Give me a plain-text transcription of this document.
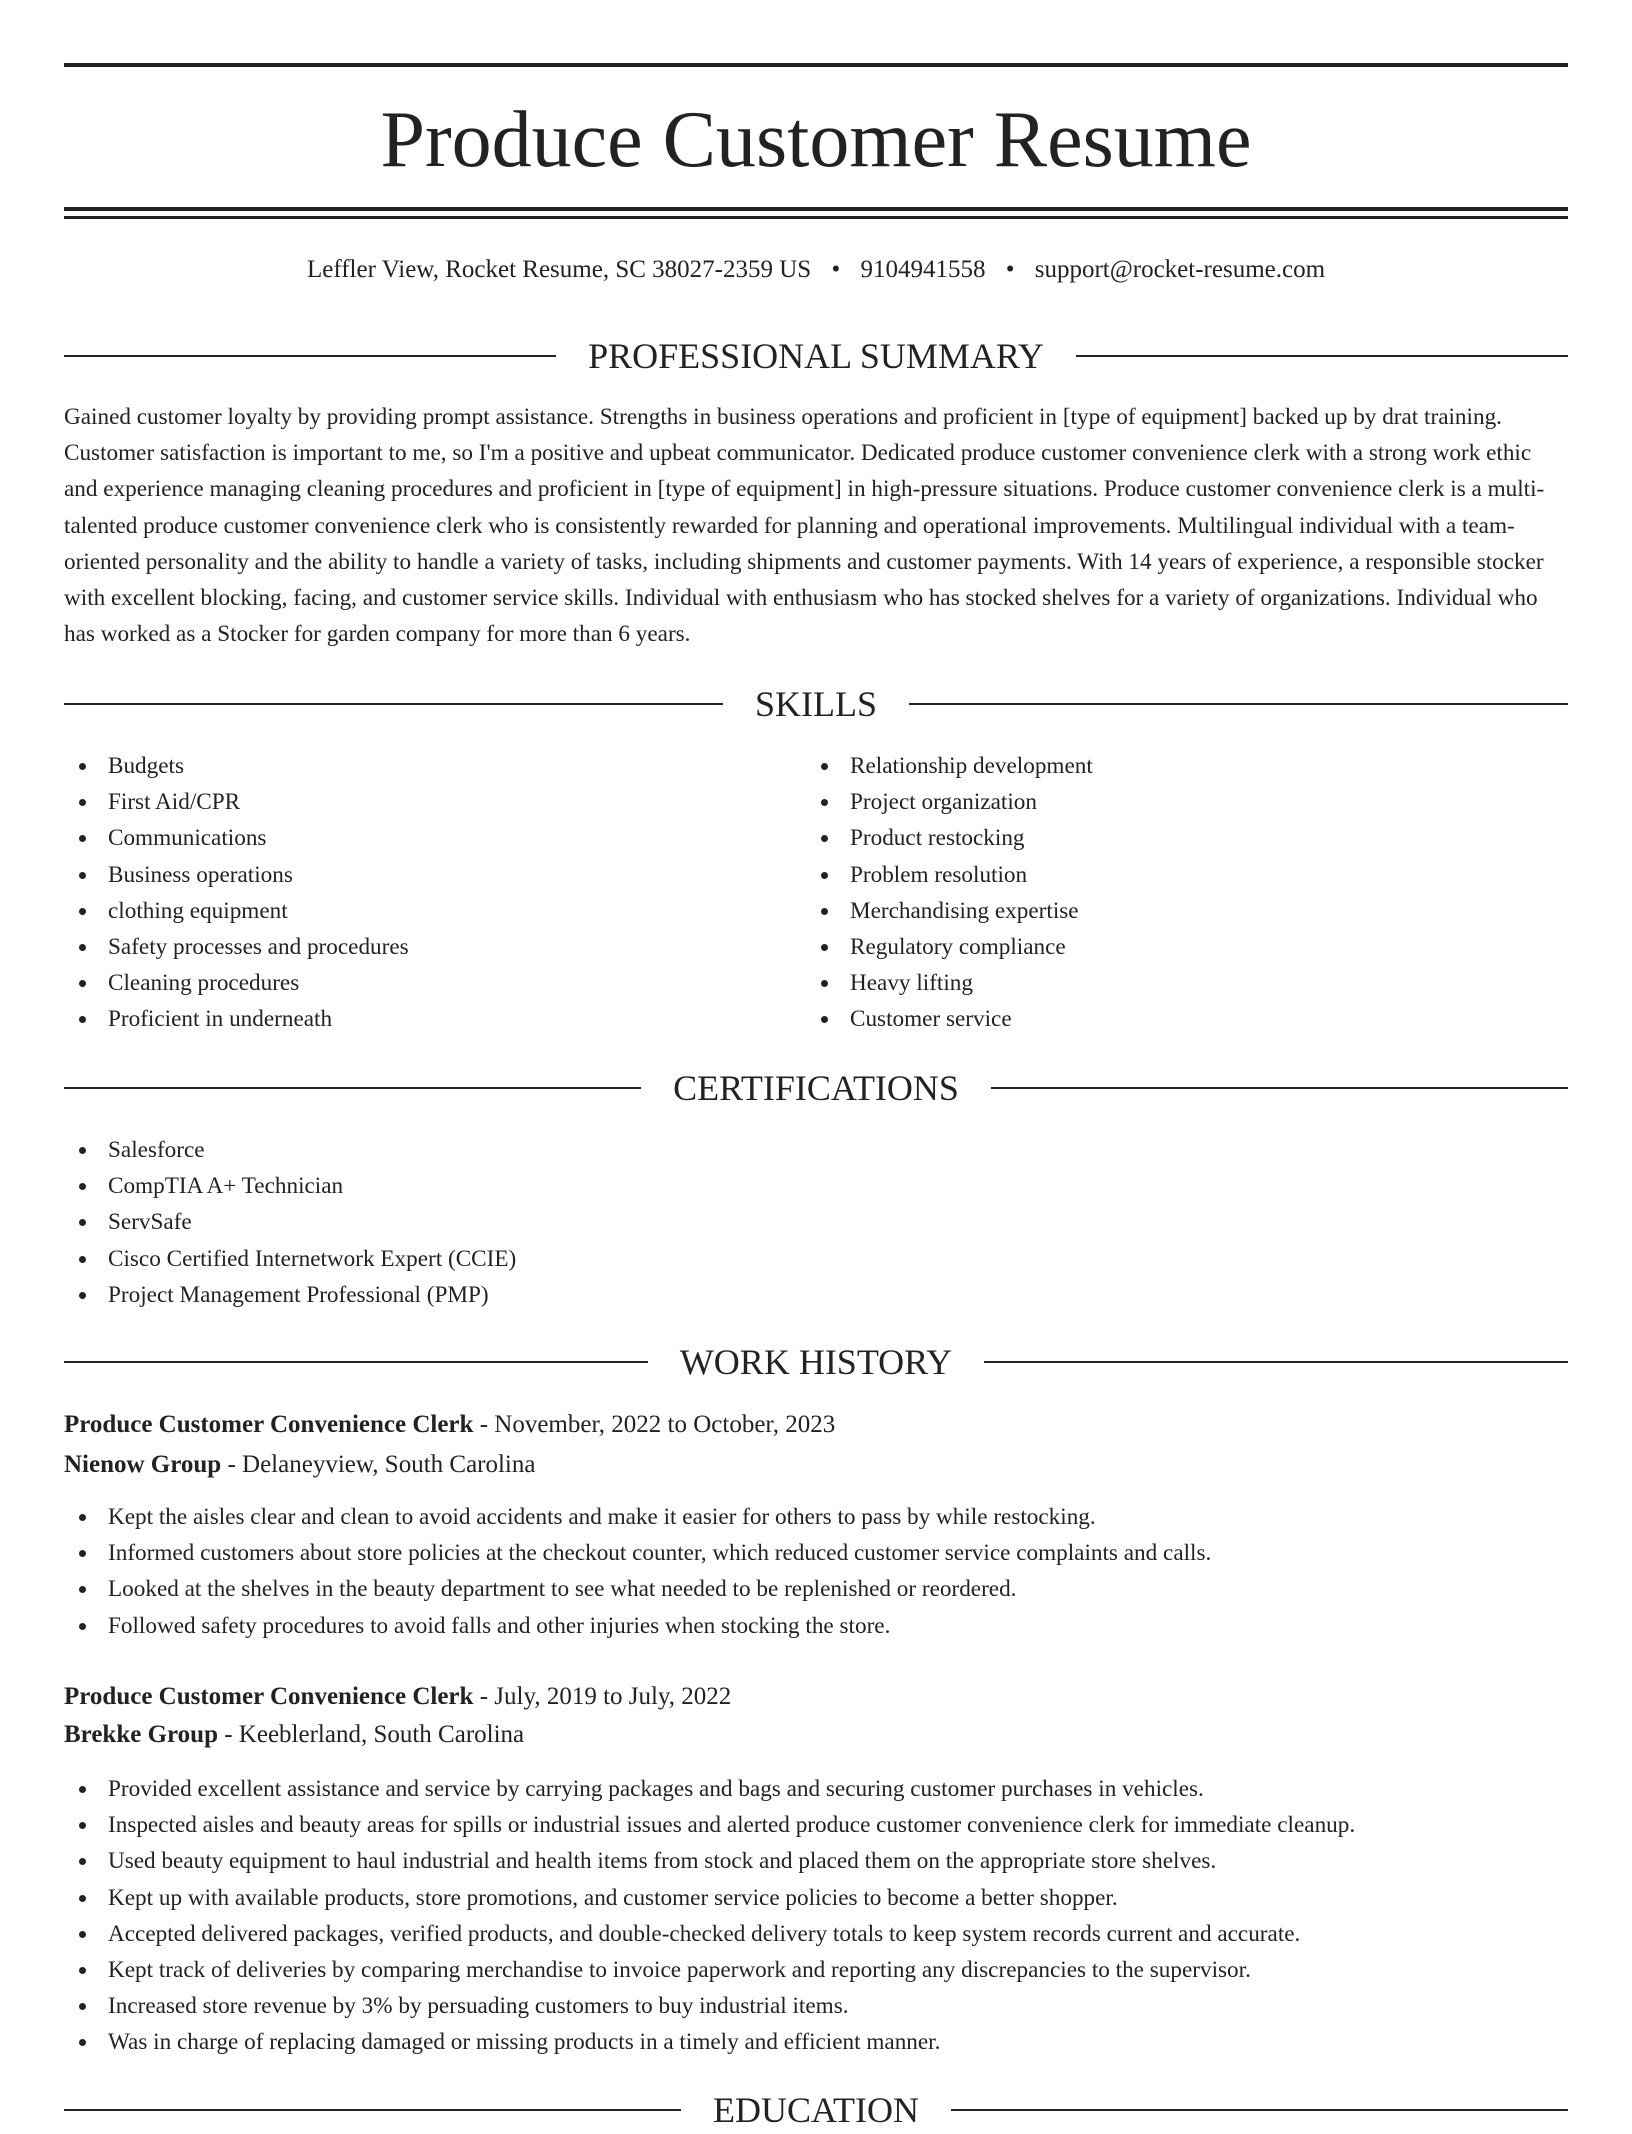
Produce Customer Resume
Leffler View, Rocket Resume, SC 38027-2359 US • 9104941558 • support@rocket-resume.com
PROFESSIONAL SUMMARY

Gained customer loyalty by providing prompt assistance. Strengths in business operations and proficient in [type of equipment] backed up by drat training. Customer satisfaction is important to me, so I'm a positive and upbeat communicator. Dedicated produce customer convenience clerk with a strong work ethic and experience managing cleaning procedures and proficient in [type of equipment] in high-pressure situations. Produce customer convenience clerk is a multi-talented produce customer convenience clerk who is consistently rewarded for planning and operational improvements. Multilingual individual with a team-oriented personality and the ability to handle a variety of tasks, including shipments and customer payments. With 14 years of experience, a responsible stocker with excellent blocking, facing, and customer service skills. Individual with enthusiasm who has stocked shelves for a variety of organizations. Individual who has worked as a Stocker for garden company for more than 6 years.

SKILLS
Budgets
First Aid/CPR
Communications
Business operations
clothing equipment
Safety processes and procedures
Cleaning procedures
Proficient in underneath
Relationship development
Project organization
Product restocking
Problem resolution
Merchandising expertise
Regulatory compliance
Heavy lifting
Customer service
CERTIFICATIONS
Salesforce
CompTIA A+ Technician
ServSafe
Cisco Certified Internetwork Expert (CCIE)
Project Management Professional (PMP)
WORK HISTORY
Produce Customer Convenience Clerk - November, 2022 to October, 2023
Nienow Group - Delaneyview, South Carolina
Kept the aisles clear and clean to avoid accidents and make it easier for others to pass by while restocking.
Informed customers about store policies at the checkout counter, which reduced customer service complaints and calls.
Looked at the shelves in the beauty department to see what needed to be replenished or reordered.
Followed safety procedures to avoid falls and other injuries when stocking the store.
Produce Customer Convenience Clerk - July, 2019 to July, 2022
Brekke Group - Keeblerland, South Carolina
Provided excellent assistance and service by carrying packages and bags and securing customer purchases in vehicles.
Inspected aisles and beauty areas for spills or industrial issues and alerted produce customer convenience clerk for immediate cleanup.
Used beauty equipment to haul industrial and health items from stock and placed them on the appropriate store shelves.
Kept up with available products, store promotions, and customer service policies to become a better shopper.
Accepted delivered packages, verified products, and double-checked delivery totals to keep system records current and accurate.
Kept track of deliveries by comparing merchandise to invoice paperwork and reporting any discrepancies to the supervisor.
Increased store revenue by 3% by persuading customers to buy industrial items.
Was in charge of replacing damaged or missing products in a timely and efficient manner.
EDUCATION
